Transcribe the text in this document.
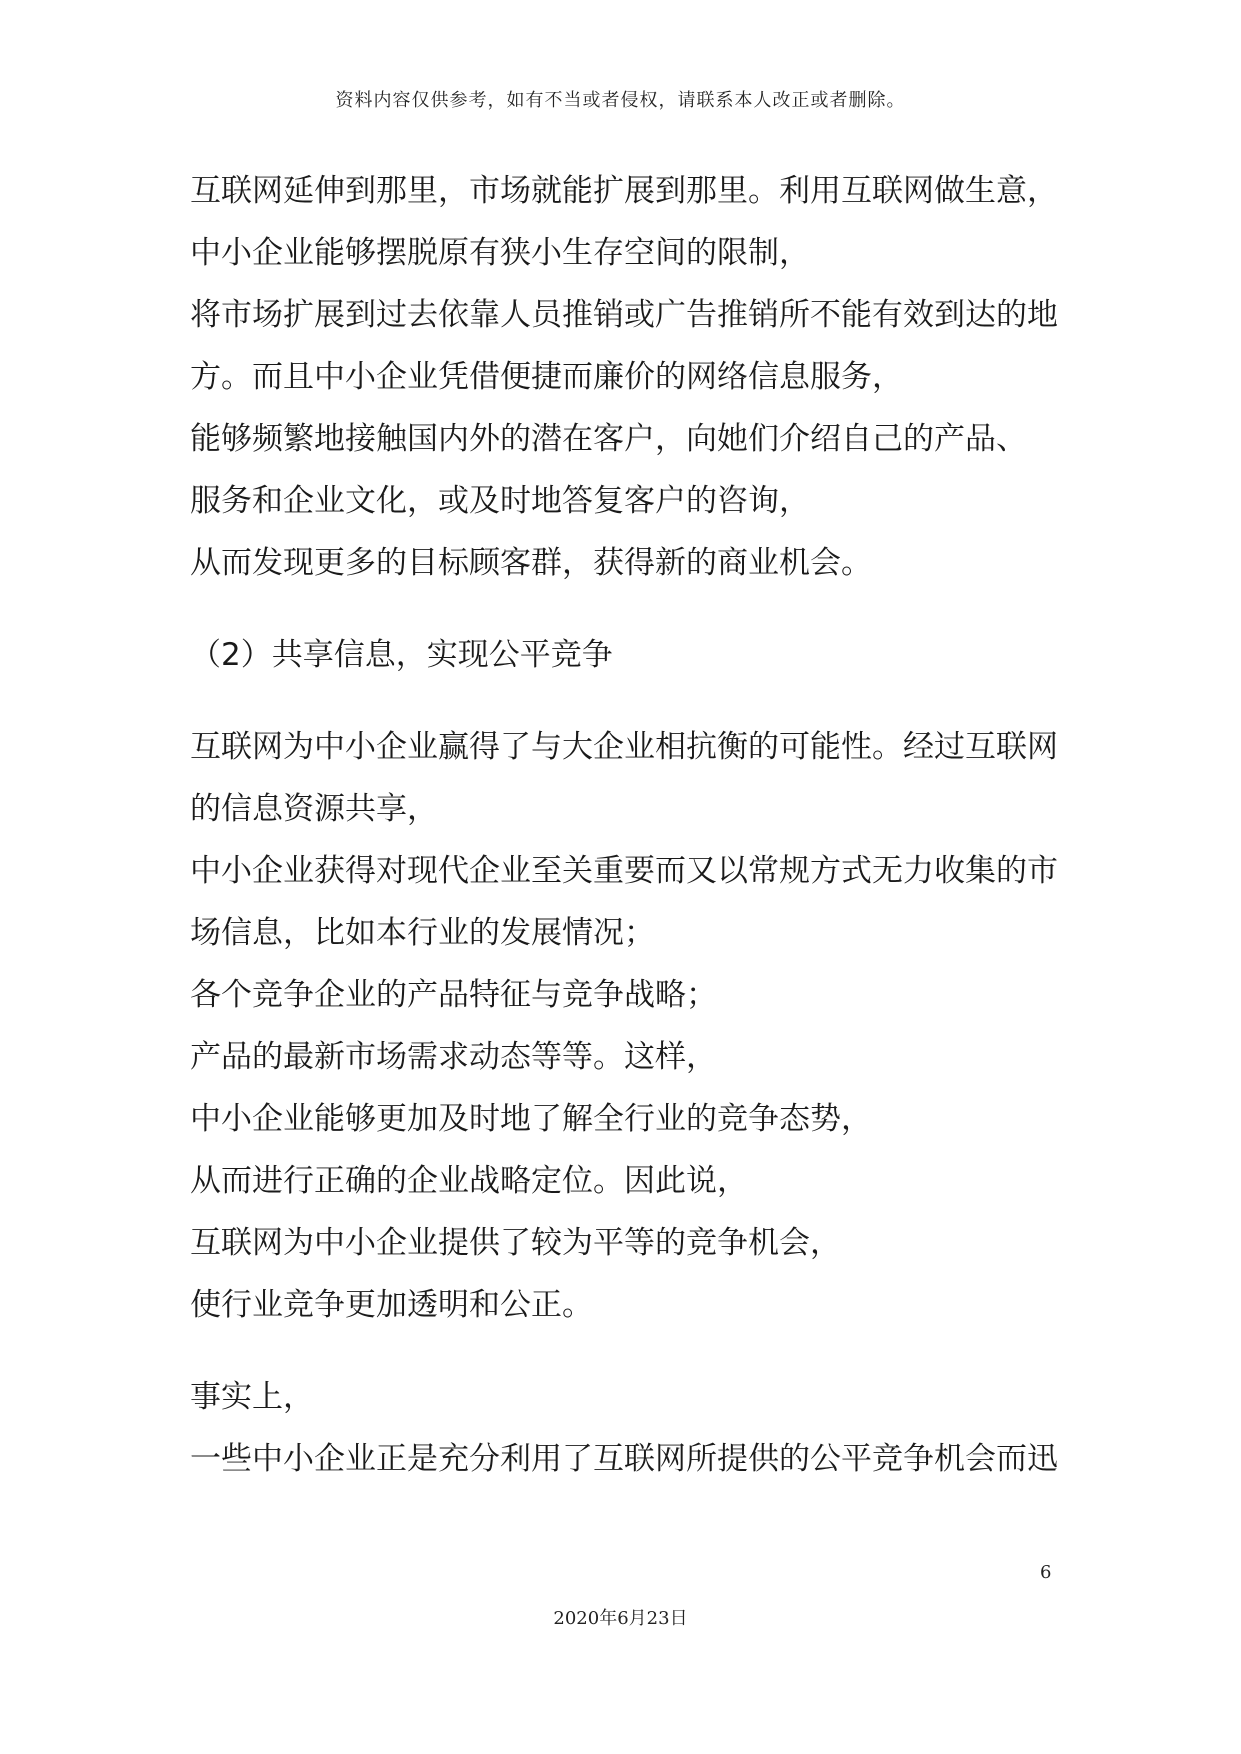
资料内容仅供参考，如有不当或者侵权，请联系本人改正或者删除。

互联网延伸到那里，市场就能扩展到那里。利用互联网做生意，

中小企业能够摆脱原有狭小生存空间的限制，

将市场扩展到过去依靠人员推销或广告推销所不能有效到达的地

方。而且中小企业凭借便捷而廉价的网络信息服务，

能够频繁地接触国内外的潜在客户，向她们介绍自己的产品、

服务和企业文化，或及时地答复客户的咨询，

从而发现更多的目标顾客群，获得新的商业机会。

（2）共享信息，实现公平竞争

互联网为中小企业赢得了与大企业相抗衡的可能性。经过互联网

的信息资源共享，

中小企业获得对现代企业至关重要而又以常规方式无力收集的市

场信息，比如本行业的发展情况；

各个竞争企业的产品特征与竞争战略；

产品的最新市场需求动态等等。这样，

中小企业能够更加及时地了解全行业的竞争态势，

从而进行正确的企业战略定位。因此说，

互联网为中小企业提供了较为平等的竞争机会，

使行业竞争更加透明和公正。

事实上，

一些中小企业正是充分利用了互联网所提供的公平竞争机会而迅

6
2020年6月23日
